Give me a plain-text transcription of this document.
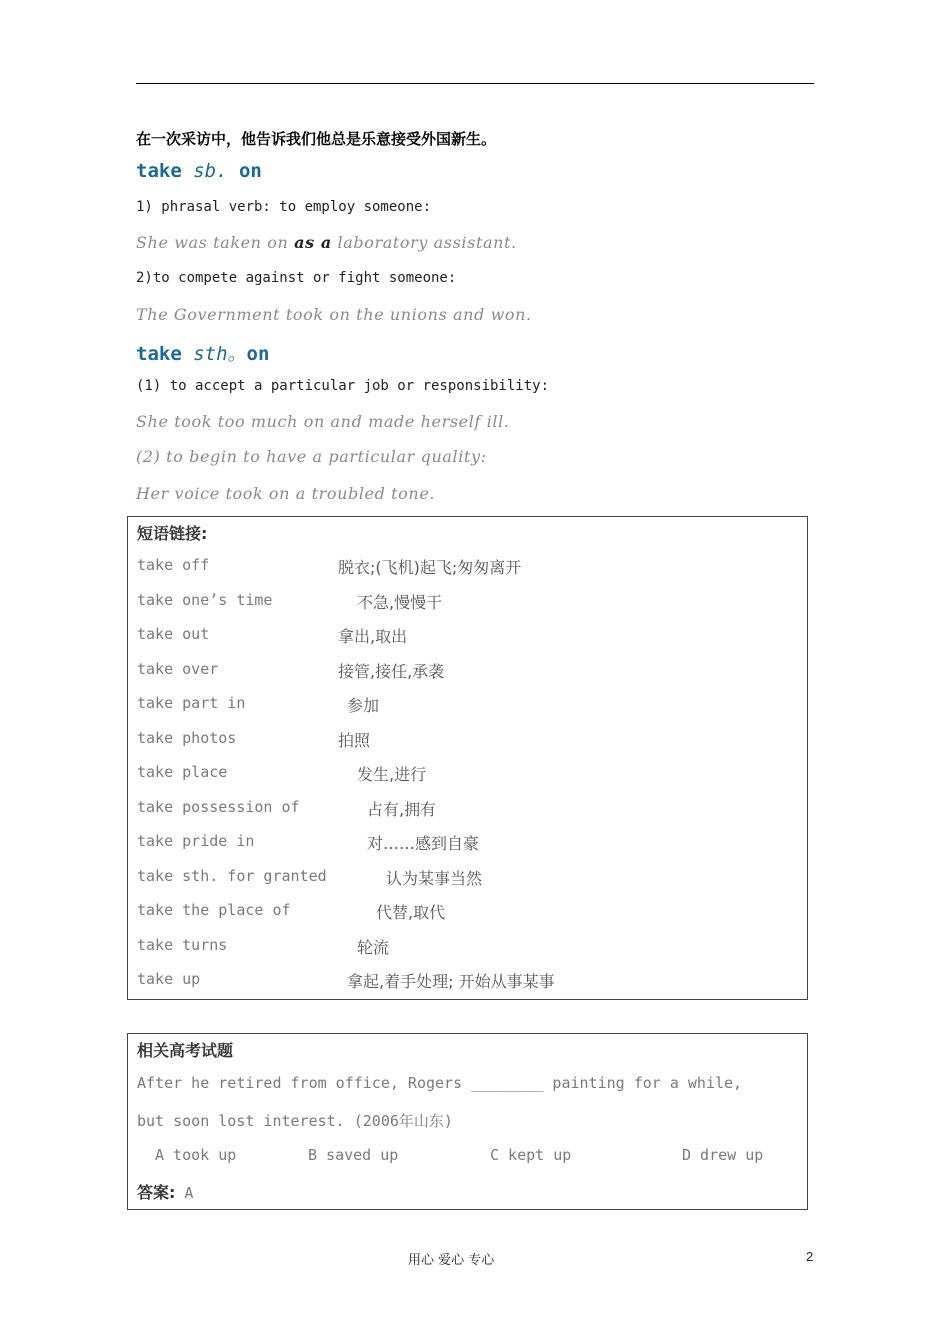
在一次采访中，他告诉我们他总是乐意接受外国新生。
take sb. on
1) phrasal verb: to employ someone:
She was taken on as a laboratory assistant.
2)to compete against or fight someone:
The Government took on the unions and won.
take sth。on
(1) to accept a particular job or responsibility:
She took too much on and made herself ill.
(2) to begin to have a particular quality:
Her voice took on a troubled tone.
短语链接:
take off	脱衣;(飞机)起飞;匆匆离开
take one’s time	不急,慢慢干
take out	拿出,取出
take over	接管,接任,承袭
take part in	参加
take photos	拍照
take place	发生,进行
take possession of	占有,拥有
take pride in	对……感到自豪
take sth. for granted	认为某事当然
take the place of	代替,取代
take turns	轮流
take up	拿起,着手处理; 开始从事某事
相关高考试题
After he retired from office, Rogers ________ painting for a while,
but soon lost interest. (2006年山东)
A took up	B saved up	C kept up	D drew up
答案: A
用心 爱心 专心	2
